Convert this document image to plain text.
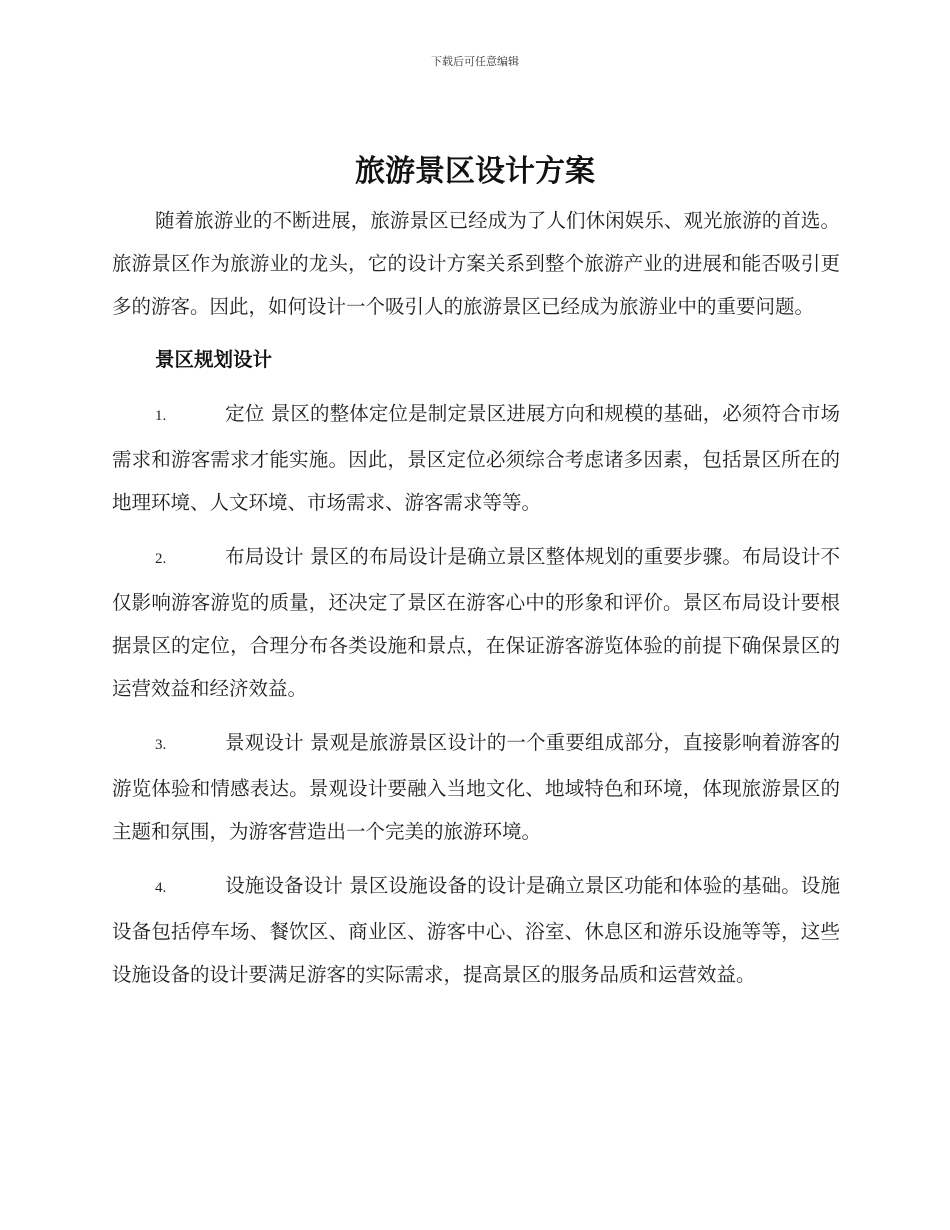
下载后可任意编辑
旅游景区设计方案

随着旅游业的不断进展，旅游景区已经成为了人们休闲娱乐、观光旅游的首选。旅游景区作为旅游业的龙头，它的设计方案关系到整个旅游产业的进展和能否吸引更多的游客。因此，如何设计一个吸引人的旅游景区已经成为旅游业中的重要问题。

景区规划设计

1.	定位 景区的整体定位是制定景区进展方向和规模的基础，必须符合市场需求和游客需求才能实施。因此，景区定位必须综合考虑诸多因素，包括景区所在的地理环境、人文环境、市场需求、游客需求等等。

2.	布局设计 景区的布局设计是确立景区整体规划的重要步骤。布局设计不仅影响游客游览的质量，还决定了景区在游客心中的形象和评价。景区布局设计要根据景区的定位，合理分布各类设施和景点，在保证游客游览体验的前提下确保景区的运营效益和经济效益。

3.	景观设计 景观是旅游景区设计的一个重要组成部分，直接影响着游客的游览体验和情感表达。景观设计要融入当地文化、地域特色和环境，体现旅游景区的主题和氛围，为游客营造出一个完美的旅游环境。

4.	设施设备设计 景区设施设备的设计是确立景区功能和体验的基础。设施设备包括停车场、餐饮区、商业区、游客中心、浴室、休息区和游乐设施等等，这些设施设备的设计要满足游客的实际需求，提高景区的服务品质和运营效益。
